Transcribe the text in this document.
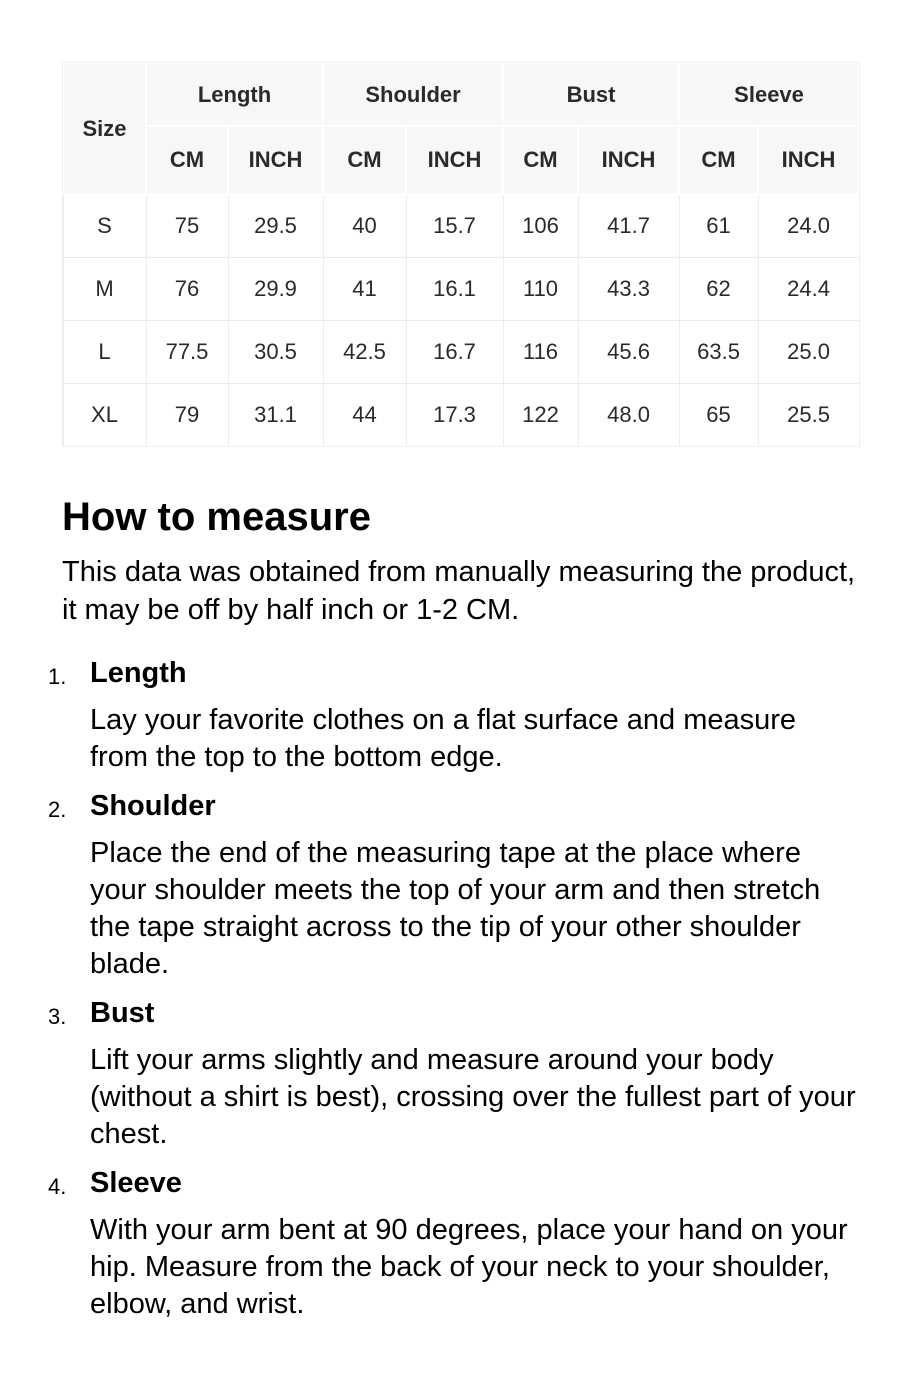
Size	Length		Shoulder		Bust		Sleeve	
	CM	INCH	CM	INCH	CM	INCH	CM	INCH
S	75	29.5	40	15.7	106	41.7	61	24.0
M	76	29.9	41	16.1	110	43.3	62	24.4
L	77.5	30.5	42.5	16.7	116	45.6	63.5	25.0
XL	79	31.1	44	17.3	122	48.0	65	25.5
How to measure

This data was obtained from manually measuring the product, it may be off by half inch or 1-2 CM.

1. Length

Lay your favorite clothes on a flat surface and measure from the top to the bottom edge.

2. Shoulder

Place the end of the measuring tape at the place where your shoulder meets the top of your arm and then stretch the tape straight across to the tip of your other shoulder blade.

3. Bust

Lift your arms slightly and measure around your body (without a shirt is best), crossing over the fullest part of your chest.

4. Sleeve

With your arm bent at 90 degrees, place your hand on your hip. Measure from the back of your neck to your shoulder, elbow, and wrist.
